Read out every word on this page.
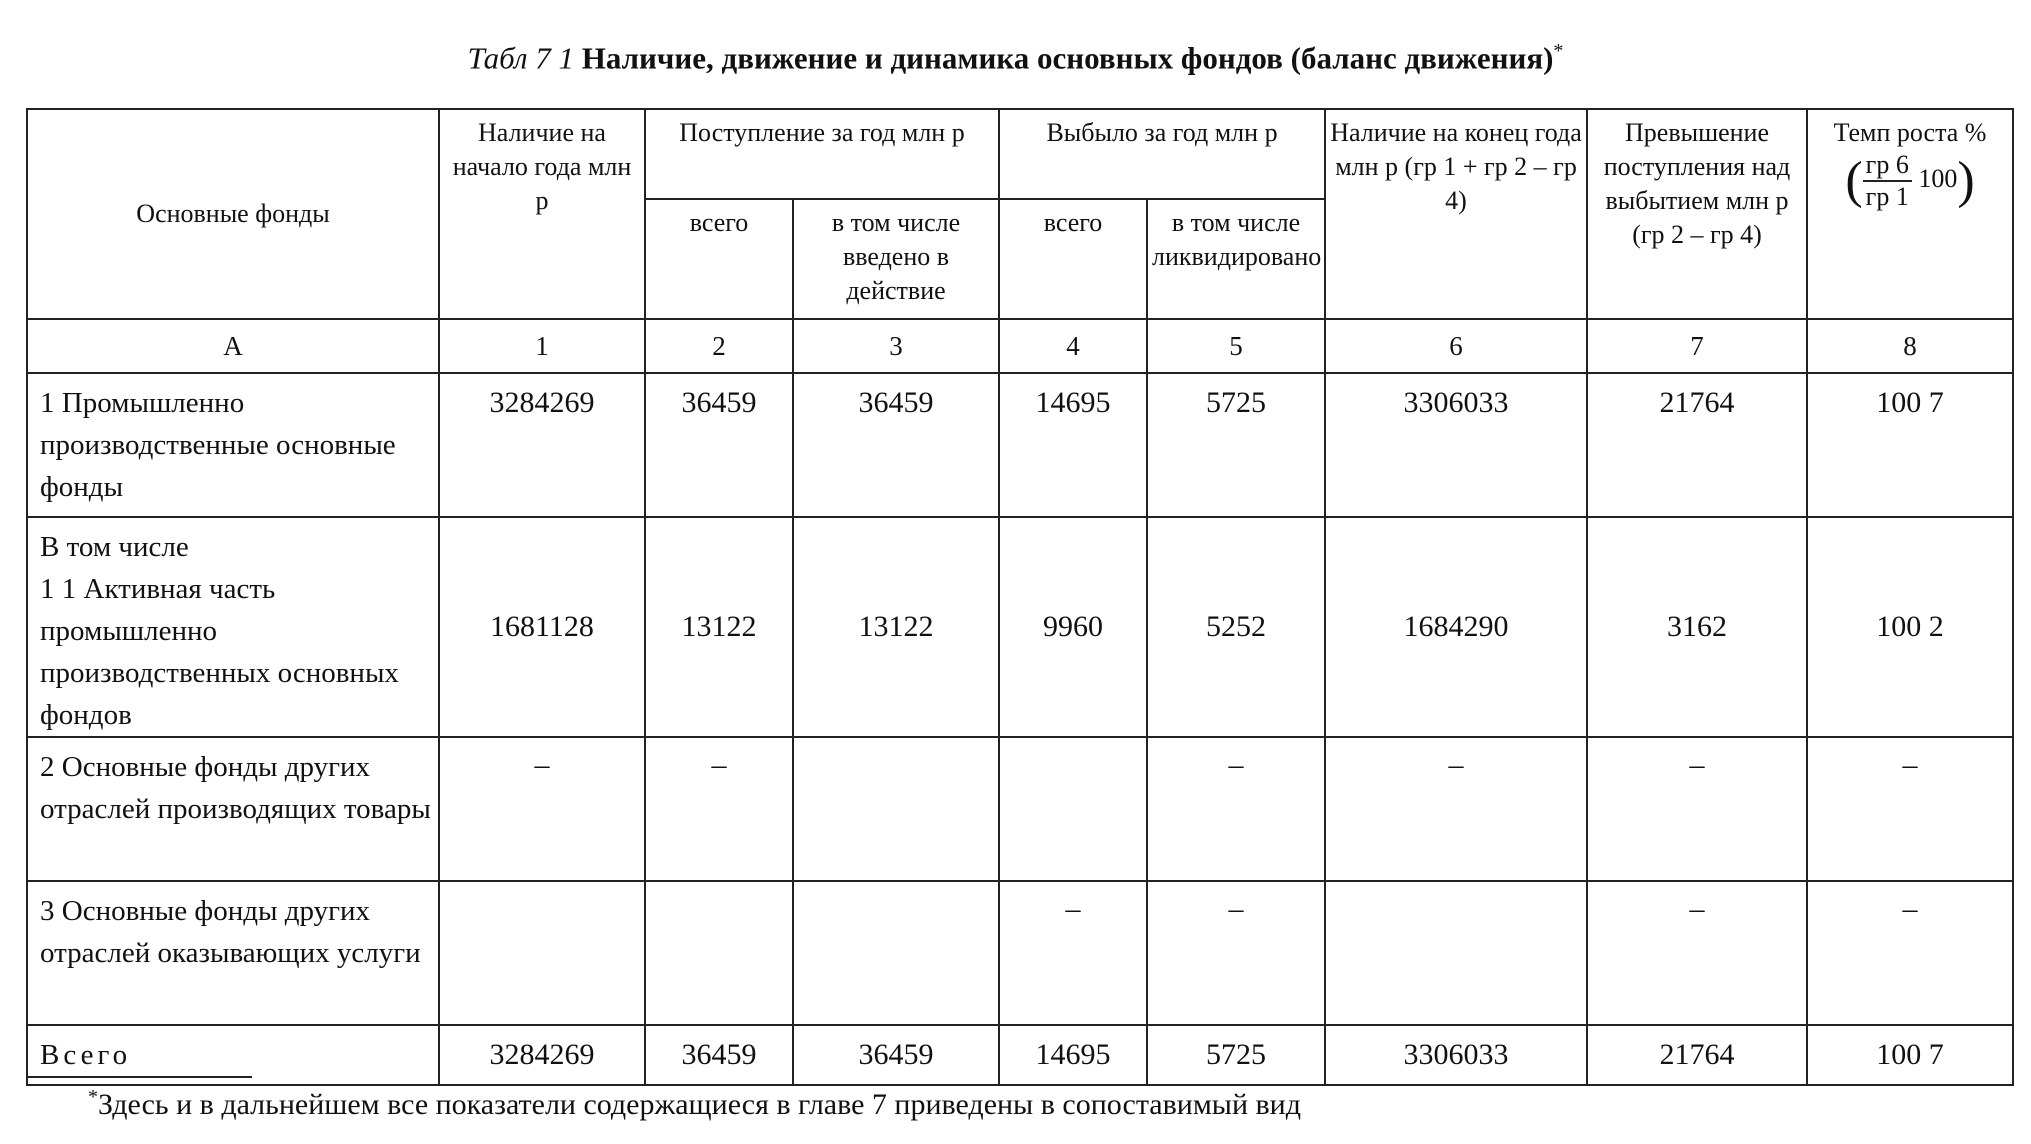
Табл 7 1 Наличие, движение и динамика основных фондов (баланс движения)*
Основные фонды	Наличие на начало года млн р	Поступление за год млн р		Выбыло за год млн р		Наличие на конец года млн р (гр 1 + гр 2 – гр 4)	Превышение поступления над выбытием млн р (гр 2 – гр 4)	Темп роста %
( $\frac{гр 6}{гр 1} 100$)
		всего	в том числе введено в действие	всего	в том числе ликвидировано			
А	1	2	3	4	5	6	7	8
1 Промышленно производственные основные фонды	3284269	36459	36459	14695	5725	3306033	21764	100 7
В том числе
1 1 Активная часть промышленно производственных основных фондов	1681128	13122	13122	9960	5252	1684290	3162	100 2
2 Основные фонды других отраслей производящих товары	–	–			–	–	–	–
3 Основные фонды других отраслей оказывающих услуги				–	–		–	–
Всего	3284269	36459	36459	14695	5725	3306033	21764	100 7
*Здесь и в дальнейшем все показатели содержащиеся в главе 7 приведены в сопоставимый вид
